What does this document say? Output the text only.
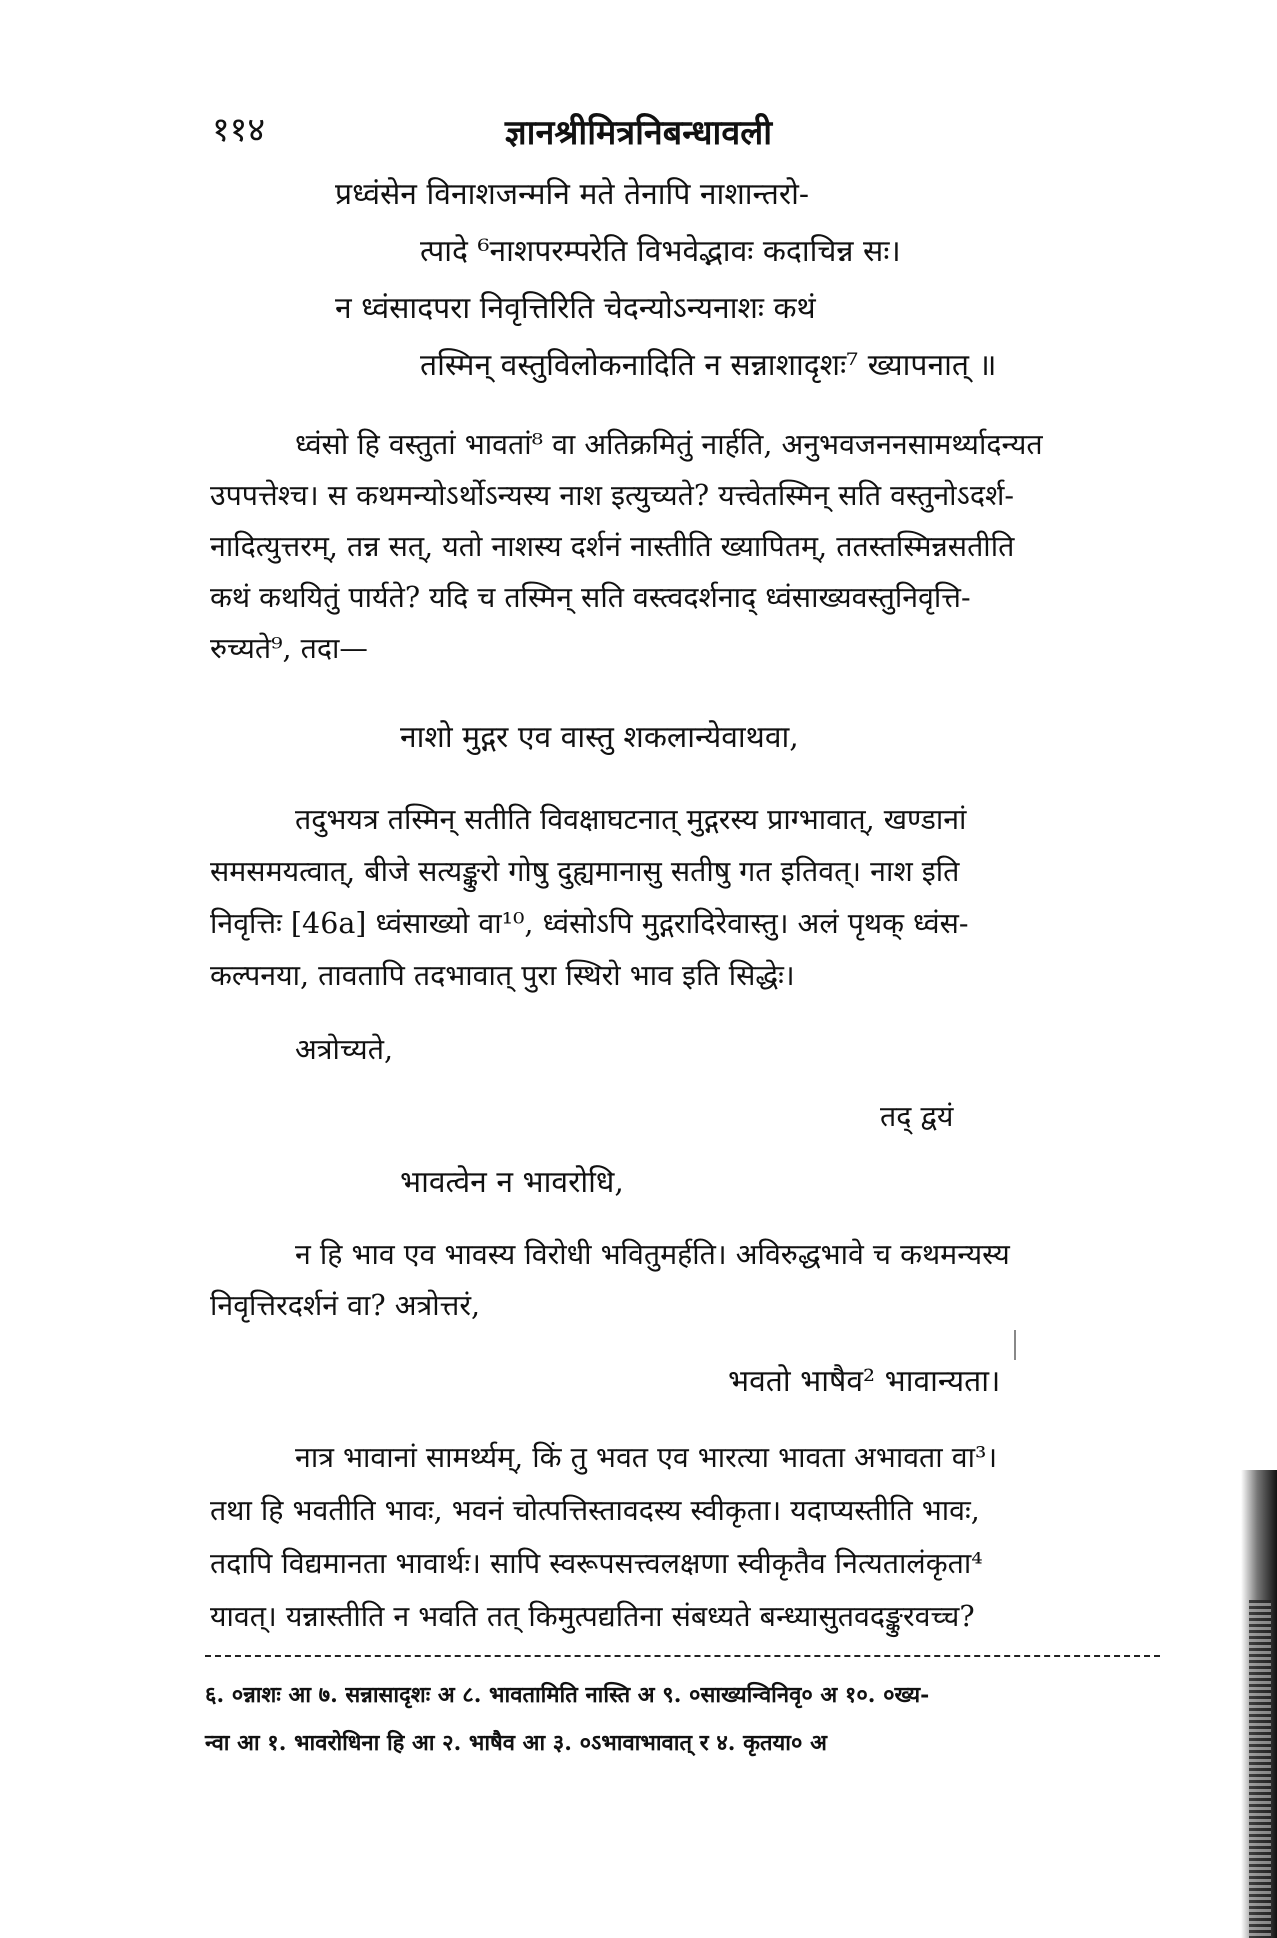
११४	ज्ञानश्रीमित्रनिबन्धावली
प्रध्वंसेन विनाशजन्मनि मते तेनापि नाशान्तरो-
त्पादे ⁶नाशपरम्परेति विभवेद्भावः कदाचिन्न सः।
न ध्वंसादपरा निवृत्तिरिति चेदन्योऽन्यनाशः कथं
तस्मिन् वस्तुविलोकनादिति न सन्नाशादृशः⁷ ख्यापनात् ॥
ध्वंसो हि वस्तुतां भावतां⁸ वा अतिक्रमितुं नार्हति, अनुभवजननसामर्थ्यादन्यत
उपपत्तेश्च। स कथमन्योऽर्थोऽन्यस्य नाश इत्युच्यते? यत्त्वेतस्मिन् सति वस्तुनोऽदर्श-
नादित्युत्तरम्, तन्न सत्, यतो नाशस्य दर्शनं नास्तीति ख्यापितम्, ततस्तस्मिन्नसतीति
कथं कथयितुं पार्यते? यदि च तस्मिन् सति वस्त्वदर्शनाद् ध्वंसाख्यवस्तुनिवृत्ति-
रुच्यते⁹, तदा—
नाशो मुद्गर एव वास्तु शकलान्येवाथवा,
तदुभयत्र तस्मिन् सतीति विवक्षाघटनात् मुद्गरस्य प्राग्भावात्, खण्डानां
समसमयत्वात्, बीजे सत्यङ्कुरो गोषु दुह्यमानासु सतीषु गत इतिवत्। नाश इति
निवृत्तिः [46a] ध्वंसाख्यो वा¹⁰, ध्वंसोऽपि मुद्गरादिरेवास्तु। अलं पृथक् ध्वंस-
कल्पनया, तावतापि तदभावात् पुरा स्थिरो भाव इति सिद्धेः।
अत्रोच्यते,
तद् द्वयं
भावत्वेन न भावरोधि,
न हि भाव एव भावस्य विरोधी भवितुमर्हति। अविरुद्धभावे च कथमन्यस्य
निवृत्तिरदर्शनं वा? अत्रोत्तरं,
भवतो भाषैव² भावान्यता।
नात्र भावानां सामर्थ्यम्, किं तु भवत एव भारत्या भावता अभावता वा³।
तथा हि भवतीति भावः, भवनं चोत्पत्तिस्तावदस्य स्वीकृता। यदाप्यस्तीति भावः,
तदापि विद्यमानता भावार्थः। सापि स्वरूपसत्त्वलक्षणा स्वीकृतैव नित्यतालंकृता⁴
यावत्। यन्नास्तीति न भवति तत् किमुत्पद्यतिना संबध्यते बन्ध्यासुतवदङ्कुरवच्च?
६. ०न्नाशः आ ७. सन्नासादृशः अ ८. भावतामिति नास्ति अ ९. ०साख्यन्विनिवृ० अ १०. ०ख्य-
न्वा आ १. भावरोधिना हि आ २. भाषैव आ ३. ०ऽभावाभावात् र ४. कृतया० अ
